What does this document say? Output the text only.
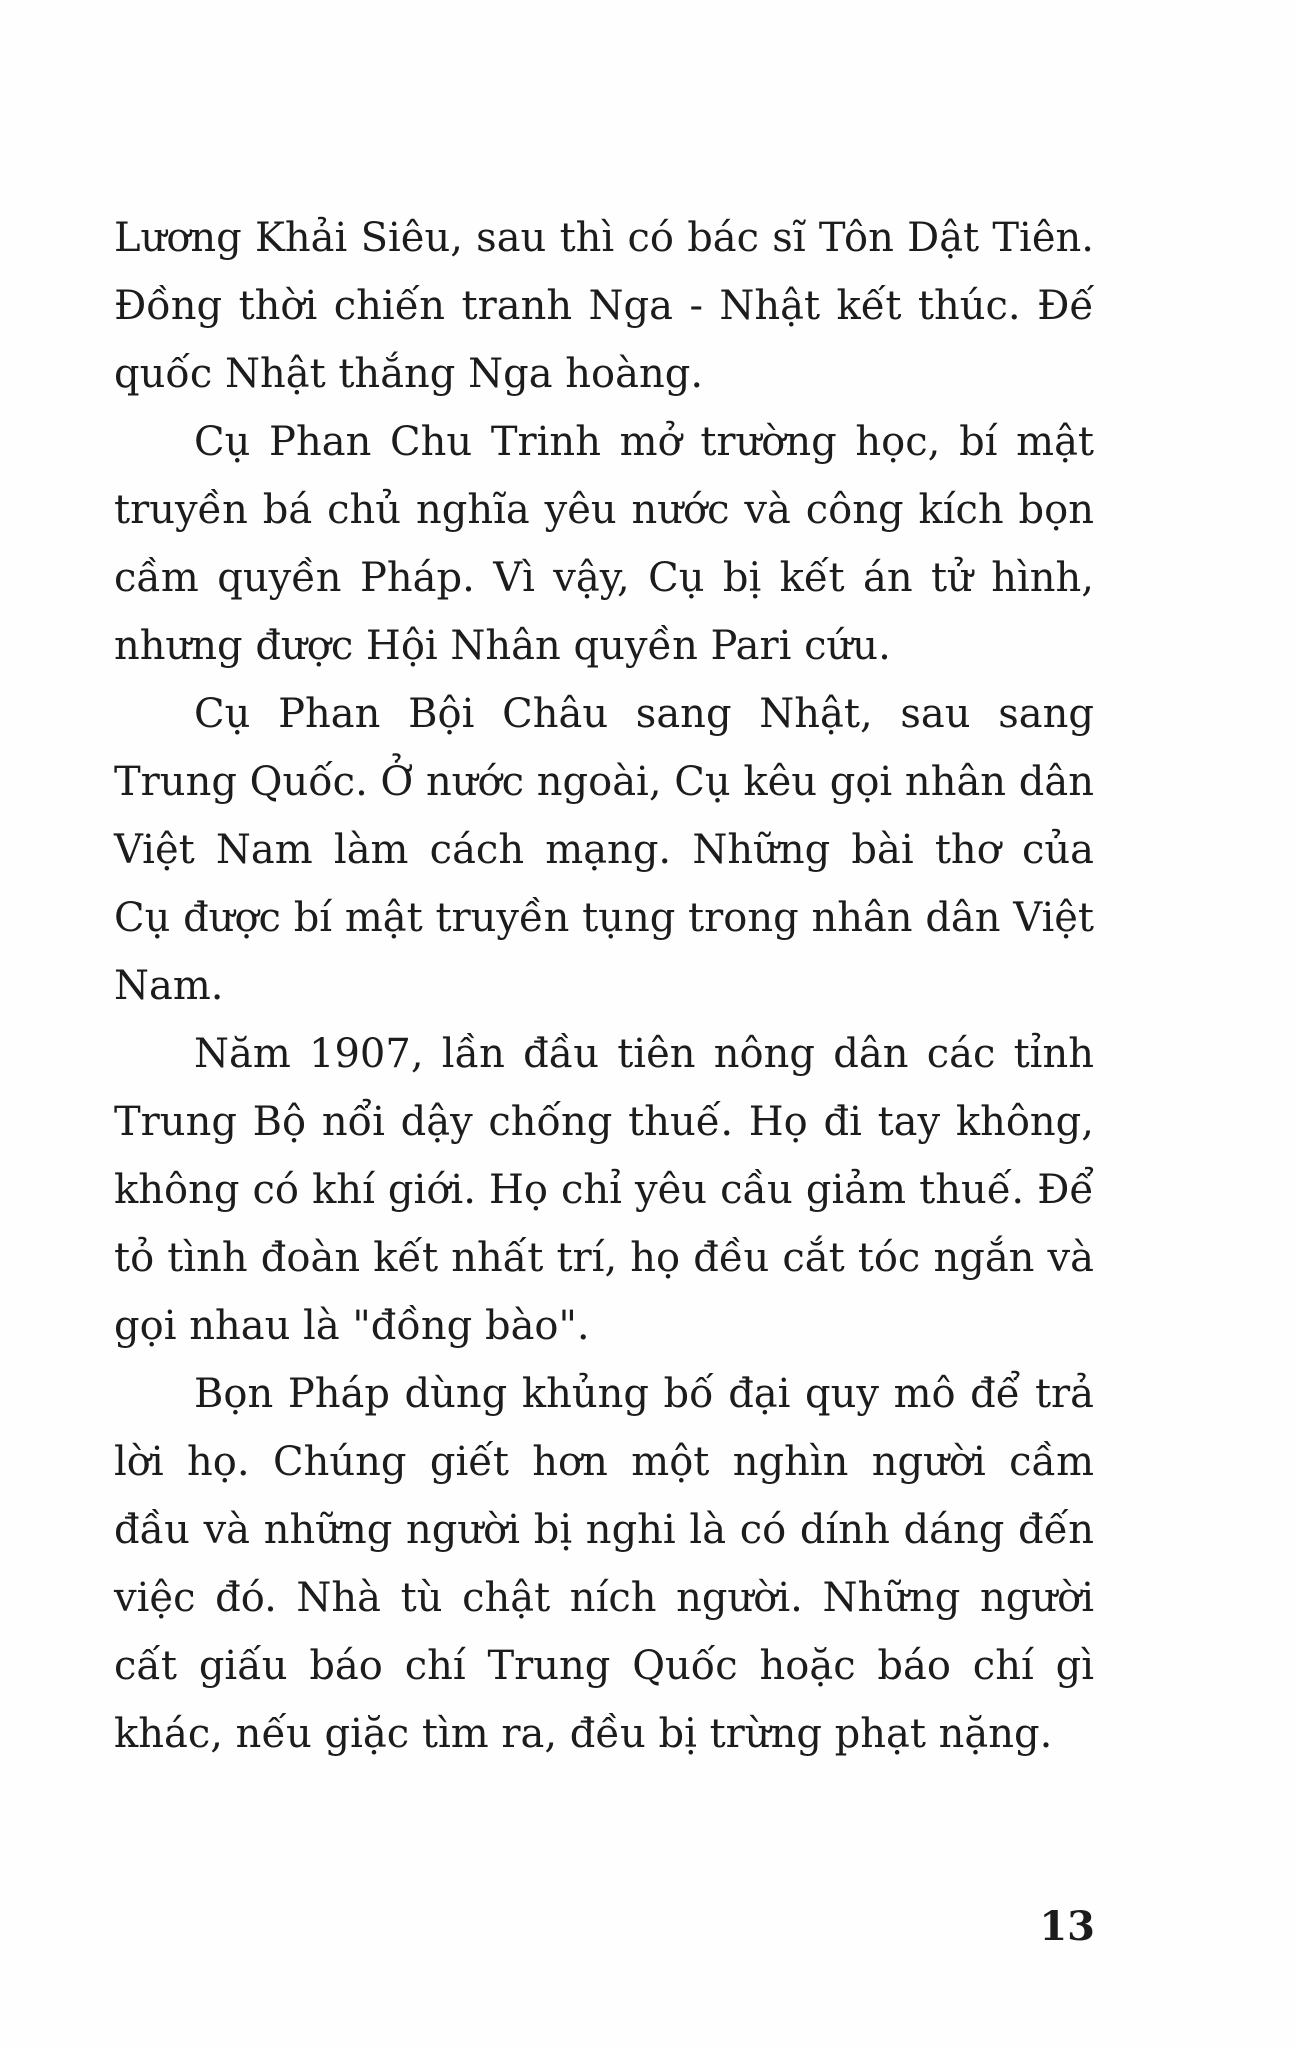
Lương Khải Siêu, sau thì có bác sĩ Tôn Dật Tiên. Đồng thời chiến tranh Nga - Nhật kết thúc. Đế quốc Nhật thắng Nga hoàng.

Cụ Phan Chu Trinh mở trường học, bí mật truyền bá chủ nghĩa yêu nước và công kích bọn cầm quyền Pháp. Vì vậy, Cụ bị kết án tử hình, nhưng được Hội Nhân quyền Pari cứu.

Cụ Phan Bội Châu sang Nhật, sau sang Trung Quốc. Ở nước ngoài, Cụ kêu gọi nhân dân Việt Nam làm cách mạng. Những bài thơ của Cụ được bí mật truyền tụng trong nhân dân Việt Nam.

Năm 1907, lần đầu tiên nông dân các tỉnh Trung Bộ nổi dậy chống thuế. Họ đi tay không, không có khí giới. Họ chỉ yêu cầu giảm thuế. Để tỏ tình đoàn kết nhất trí, họ đều cắt tóc ngắn và gọi nhau là "đồng bào".

Bọn Pháp dùng khủng bố đại quy mô để trả lời họ. Chúng giết hơn một nghìn người cầm đầu và những người bị nghi là có dính dáng đến việc đó. Nhà tù chật ních người. Những người cất giấu báo chí Trung Quốc hoặc báo chí gì khác, nếu giặc tìm ra, đều bị trừng phạt nặng.

13
